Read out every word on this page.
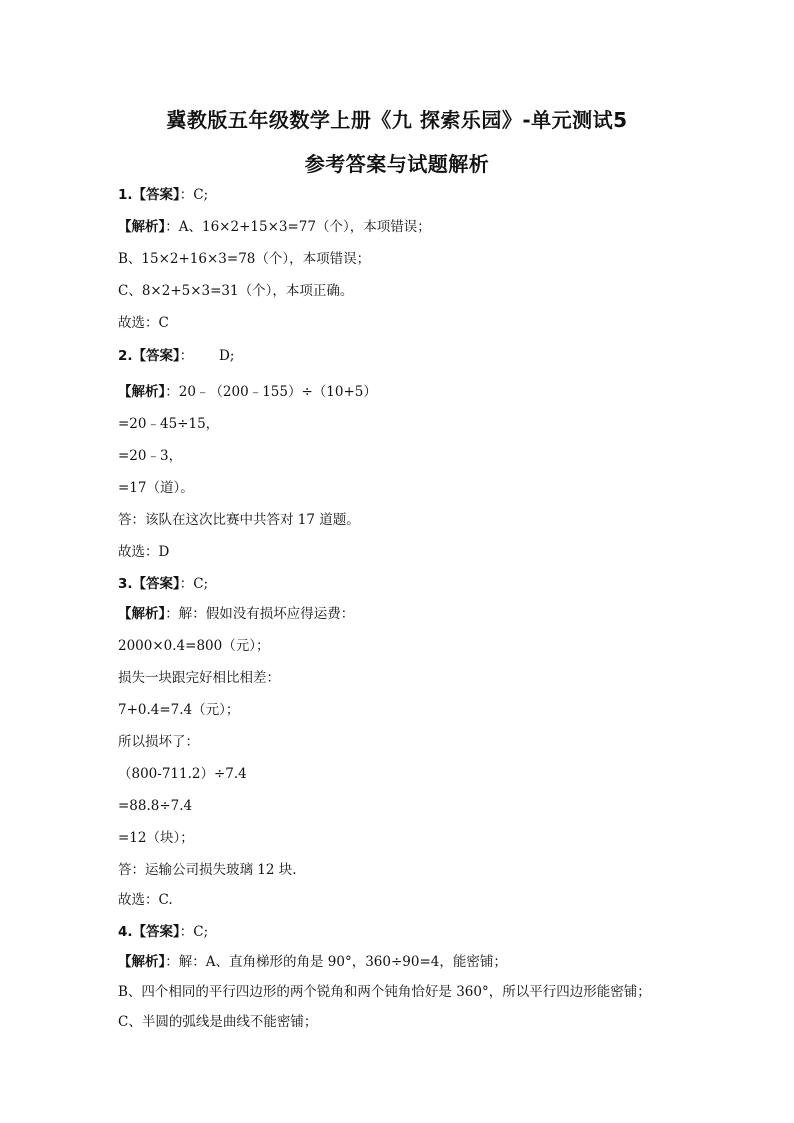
冀教版五年级数学上册《九 探索乐园》-单元测试5
参考答案与试题解析
1.【答案】：C;
【解析】：A、16×2+15×3=77（个），本项错误；
B、15×2+16×3=78（个），本项错误；
C、8×2+5×3=31（个），本项正确。
故选：C
2.【答案】：      D;
【解析】：20﹣（200﹣155）÷（10+5）
=20﹣45÷15，
=20﹣3，
=17（道）。
答：该队在这次比赛中共答对 17 道题。
故选：D
3.【答案】：C;
【解析】：解：假如没有损坏应得运费：
2000×0.4=800（元）；
损失一块跟完好相比相差：
7+0.4=7.4（元）；
所以损坏了：
（800-711.2）÷7.4
=88.8÷7.4
=12（块）；
答：运输公司损失玻璃 12 块.
故选：C.
4.【答案】：C;
【解析】：解：A、直角梯形的角是 90°，360÷90=4，能密铺；
B、四个相同的平行四边形的两个锐角和两个钝角恰好是 360°，所以平行四边形能密铺；
C、半圆的弧线是曲线不能密铺；
